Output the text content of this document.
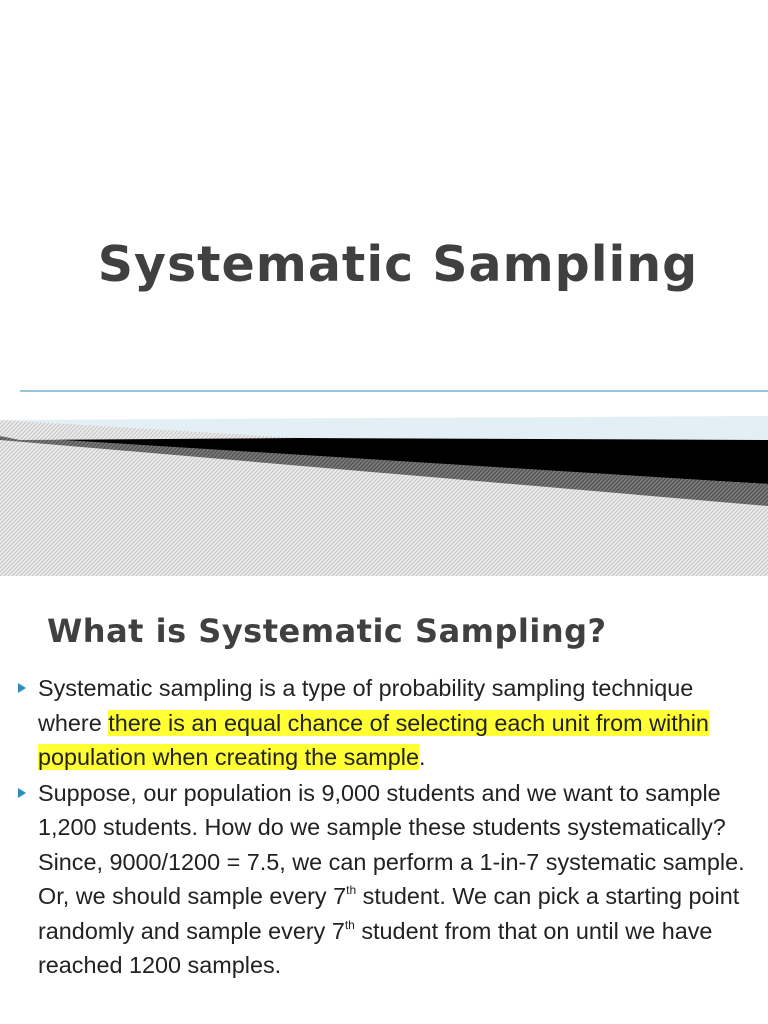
Systematic Sampling
What is Systematic Sampling?
Systematic sampling is a type of probability sampling technique where there is an equal chance of selecting each unit from within population when creating the sample.
Suppose, our population is 9,000 students and we want to sample 1,200 students. How do we sample these students systematically? Since, 9000/1200 = 7.5, we can perform a 1-in-7 systematic sample. Or, we should sample every 7th student. We can pick a starting point randomly and sample every 7th student from that on until we have reached 1200 samples.
